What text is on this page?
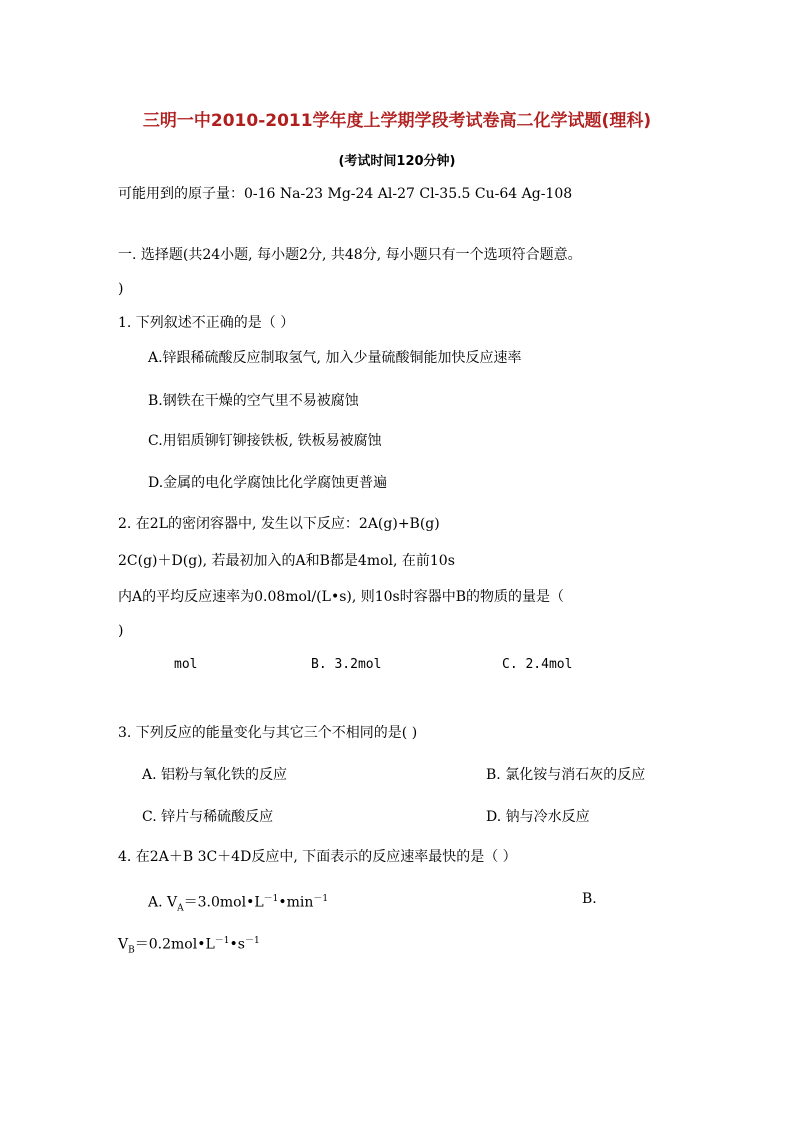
三明一中2010-2011学年度上学期学段考试卷高二化学试题(理科)
(考试时间120分钟)
可能用到的原子量：0-16 Na-23 Mg-24 Al-27 Cl-35.5 Cu-64 Ag-108
一. 选择题(共24小题, 每小题2分, 共48分, 每小题只有一个选项符合题意。
)
1. 下列叙述不正确的是（ ）
A.锌跟稀硫酸反应制取氢气, 加入少量硫酸铜能加快反应速率
B.钢铁在干燥的空气里不易被腐蚀
C.用铝质铆钉铆接铁板, 铁板易被腐蚀
D.金属的电化学腐蚀比化学腐蚀更普遍
2. 在2L的密闭容器中, 发生以下反应：2A(g)+B(g)
2C(g)＋D(g), 若最初加入的A和B都是4mol, 在前10s
内A的平均反应速率为0.08mol/(L•s), 则10s时容器中B的物质的量是（
)
mol	B. 3.2mol	C. 2.4mol
3. 下列反应的能量变化与其它三个不相同的是( )
A. 铝粉与氧化铁的反应	B. 氯化铵与消石灰的反应
C. 锌片与稀硫酸反应	D. 钠与冷水反应
4. 在2A＋B 3C＋4D反应中, 下面表示的反应速率最快的是（ ）
A. $V_A=3.0mol•L^{-1}•\min^{-1}$	B.
$V_B=0.2mol•L^{-1}•s^{-1}$
